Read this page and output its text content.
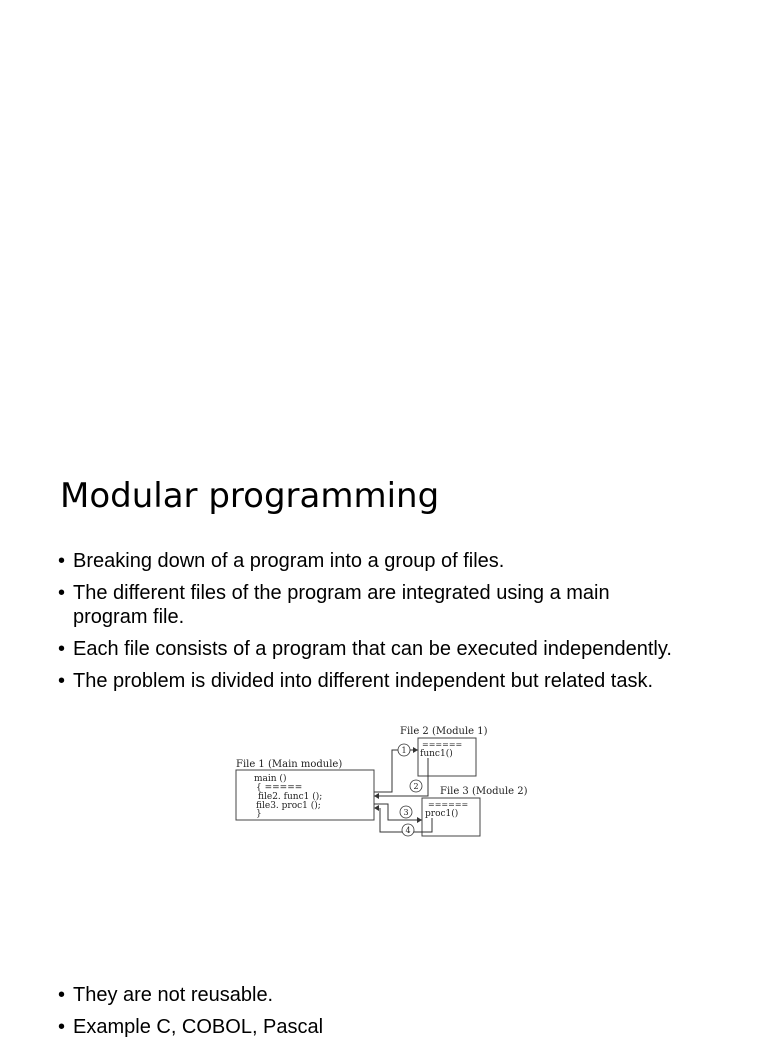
Modular programming
• Breaking down of a program into a group of files.
• The different files of the program are integrated using a main program file.
• Each file consists of a program that can be executed independently.
• The problem is divided into different independent but related task.
File 1 (Main module)
main ()
{ =====
file2. func1 ();
file3. proc1 ();
}
File 2 (Module 1)
======
func1()
File 3 (Module 2)
======
proc1()
1
2
3
4
• They are not reusable.
• Example C, COBOL, Pascal
